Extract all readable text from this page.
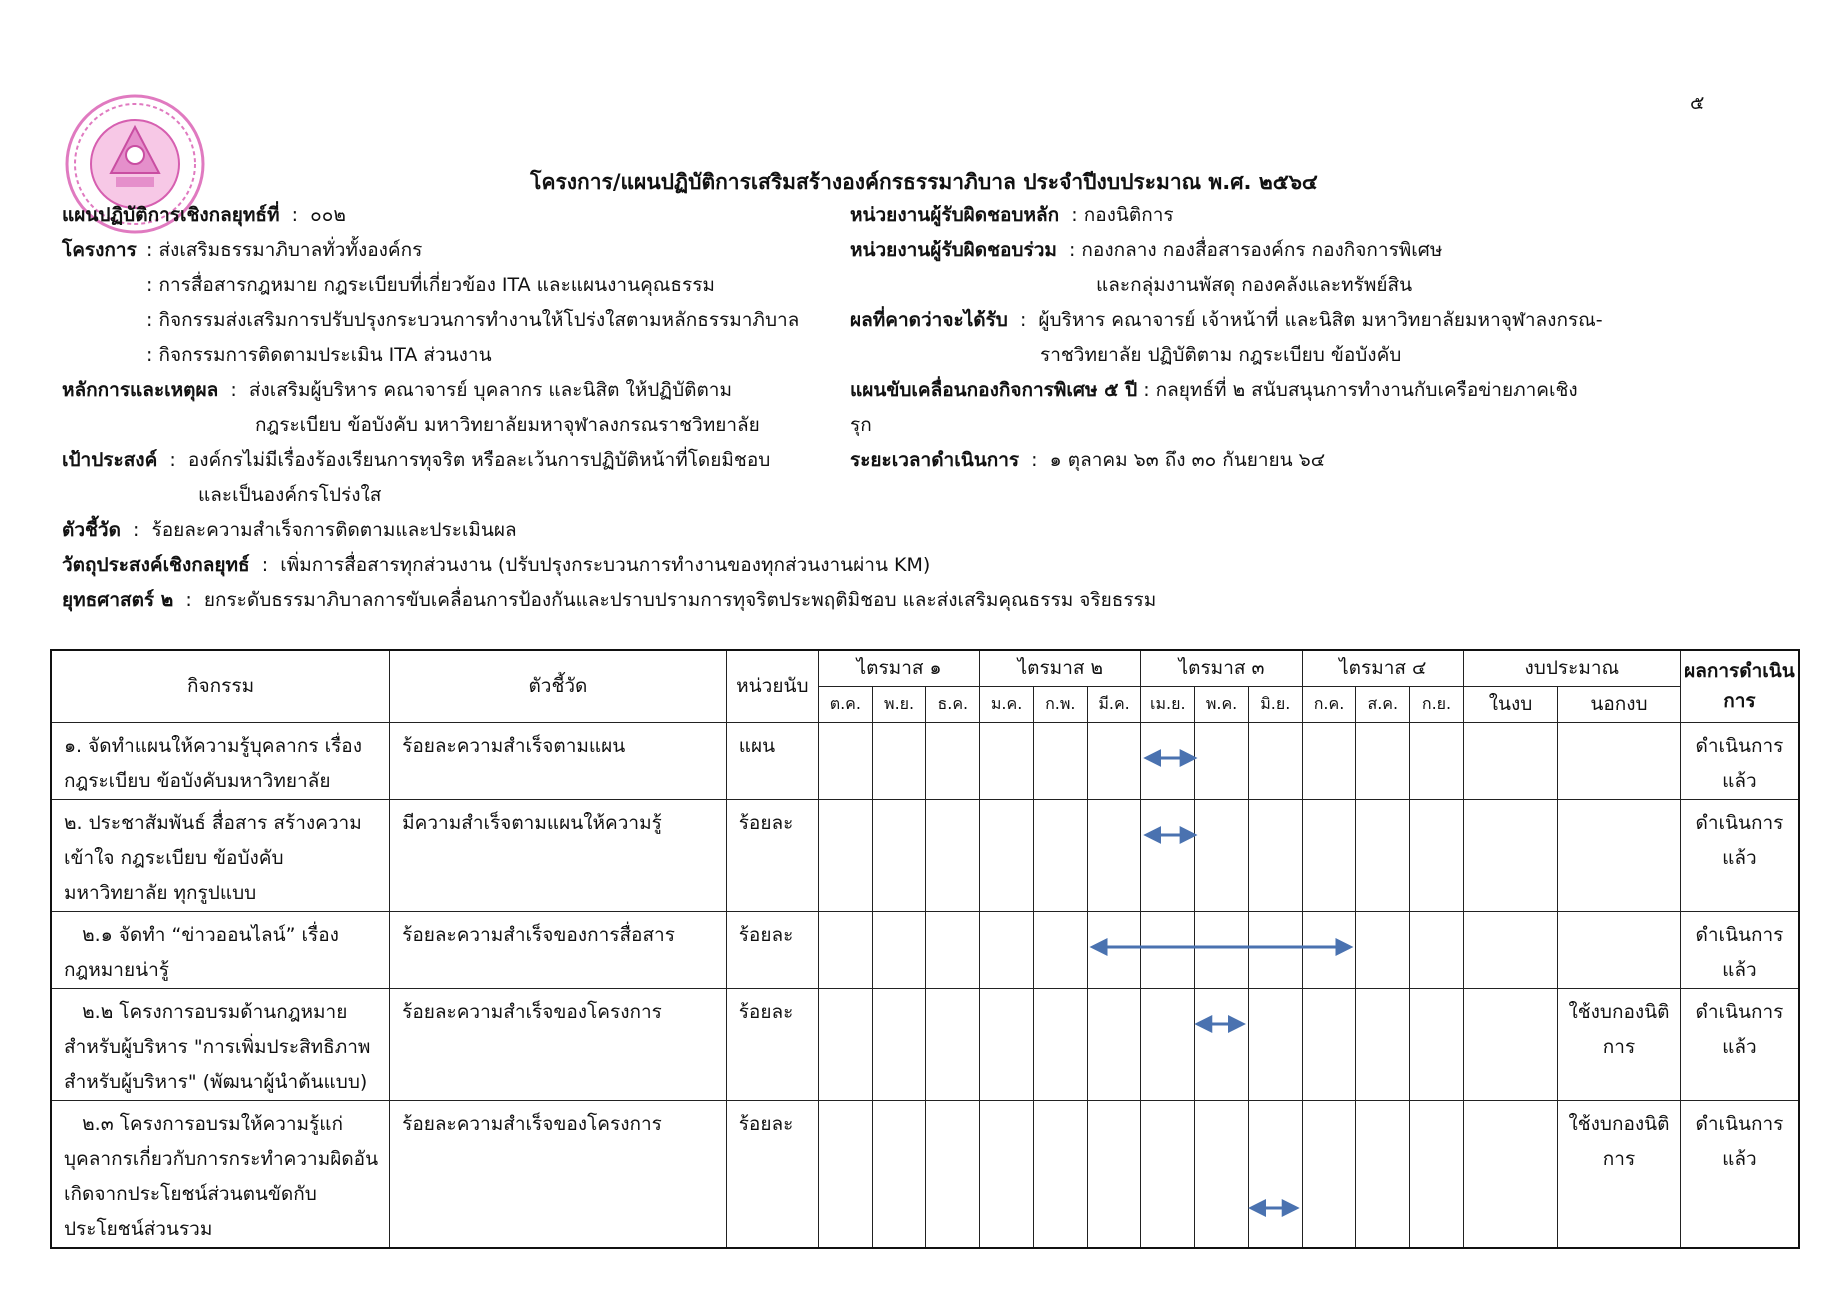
๕
โครงการ/แผนปฏิบัติการเสริมสร้างองค์กรธรรมาภิบาล ประจำปีงบประมาณ พ.ศ. ๒๕๖๔
แผนปฏิบัติการเชิงกลยุทธ์ที่  :  ๐๐๒
โครงการ : ส่งเสริมธรรมาภิบาลทั่วทั้งองค์กร
: การสื่อสารกฎหมาย กฎระเบียบที่เกี่ยวข้อง ITA และแผนงานคุณธรรม
: กิจกรรมส่งเสริมการปรับปรุงกระบวนการทำงานให้โปร่งใสตามหลักธรรมาภิบาล
: กิจกรรมการติดตามประเมิน ITA ส่วนงาน
หลักการและเหตุผล  :  ส่งเสริมผู้บริหาร คณาจารย์ บุคลากร และนิสิต ให้ปฏิบัติตาม
กฎระเบียบ ข้อบังคับ มหาวิทยาลัยมหาจุฬาลงกรณราชวิทยาลัย
เป้าประสงค์  :  องค์กรไม่มีเรื่องร้องเรียนการทุจริต หรือละเว้นการปฏิบัติหน้าที่โดยมิชอบ
และเป็นองค์กรโปร่งใส
ตัวชี้วัด  :  ร้อยละความสำเร็จการติดตามและประเมินผล
วัตถุประสงค์เชิงกลยุทธ์  :  เพิ่มการสื่อสารทุกส่วนงาน (ปรับปรุงกระบวนการทำงานของทุกส่วนงานผ่าน KM)
ยุทธศาสตร์ ๒  :  ยกระดับธรรมาภิบาลการขับเคลื่อนการป้องกันและปราบปรามการทุจริตประพฤติมิชอบ และส่งเสริมคุณธรรม จริยธรรม
หน่วยงานผู้รับผิดชอบหลัก  : กองนิติการ
หน่วยงานผู้รับผิดชอบร่วม  : กองกลาง กองสื่อสารองค์กร กองกิจการพิเศษ
และกลุ่มงานพัสดุ กองคลังและทรัพย์สิน
ผลที่คาดว่าจะได้รับ  :  ผู้บริหาร คณาจารย์ เจ้าหน้าที่ และนิสิต มหาวิทยาลัยมหาจุฬาลงกรณ-
ราชวิทยาลัย ปฏิบัติตาม กฎระเบียบ ข้อบังคับ
แผนขับเคลื่อนกองกิจการพิเศษ ๕ ปี : กลยุทธ์ที่ ๒ สนับสนุนการทำงานกับเครือข่ายภาคเชิง
รุก
ระยะเวลาดำเนินการ  :  ๑ ตุลาคม ๖๓ ถึง ๓๐ กันยายน ๖๔
กิจกรรม	ตัวชี้วัด	หน่วยนับ	ไตรมาส ๑			ไตรมาส ๒			ไตรมาส ๓			ไตรมาส ๔			งบประมาณ		ผลการดำเนินการ
			ต.ค.	พ.ย.	ธ.ค.	ม.ค.	ก.พ.	มี.ค.	เม.ย.	พ.ค.	มิ.ย.	ก.ค.	ส.ค.	ก.ย.	ในงบ	นอกงบ	

๑. จัดทำแผนให้ความรู้บุคลากร เรื่องกฎระเบียบ ข้อบังคับมหาวิทยาลัย	ร้อยละความสำเร็จตามแผน	แผน															ดำเนินการแล้ว

๒. ประชาสัมพันธ์ สื่อสาร สร้างความเข้าใจ กฎระเบียบ ข้อบังคับมหาวิทยาลัย ทุกรูปแบบ	มีความสำเร็จตามแผนให้ความรู้	ร้อยละ															ดำเนินการแล้ว

๒.๑ จัดทำ “ข่าวออนไลน์” เรื่องกฎหมายน่ารู้	ร้อยละความสำเร็จของการสื่อสาร	ร้อยละ															ดำเนินการแล้ว

๒.๒ โครงการอบรมด้านกฎหมายสำหรับผู้บริหาร "การเพิ่มประสิทธิภาพสำหรับผู้บริหาร" (พัฒนาผู้นำต้นแบบ)	ร้อยละความสำเร็จของโครงการ	ร้อยละ														ใช้งบกองนิติการ	ดำเนินการแล้ว

๒.๓ โครงการอบรมให้ความรู้แก่บุคลากรเกี่ยวกับการกระทำความผิดอันเกิดจากประโยชน์ส่วนตนขัดกับประโยชน์ส่วนรวม	ร้อยละความสำเร็จของโครงการ	ร้อยละ														ใช้งบกองนิติการ	ดำเนินการแล้ว
